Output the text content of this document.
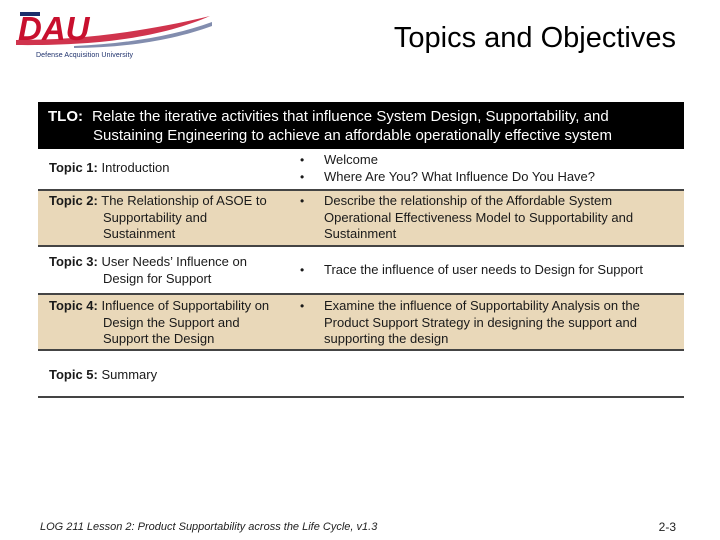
DAU
Defense Acquisition University
Topics and Objectives
TLO: Relate the iterative activities that influence System Design, Supportability, and
Sustaining Engineering to achieve an affordable operationally effective system
Topic 1: Introduction	• Welcome
• Where Are You? What Influence Do You Have?
Topic 2: The Relationship of ASOE to
Supportability and
Sustainment
• Describe the relationship of the Affordable System Operational Effectiveness Model to Supportability and Sustainment
Topic 3: User Needs’ Influence on
Design for Support
• Trace the influence of user needs to Design for Support
Topic 4: Influence of Supportability on
Design the Support and
Support the Design
• Examine the influence of Supportability Analysis on the Product Support Strategy in designing the support and supporting the design
Topic 5: Summary
LOG 211 Lesson 2: Product Supportability across the Life Cycle, v1.3	2-3
